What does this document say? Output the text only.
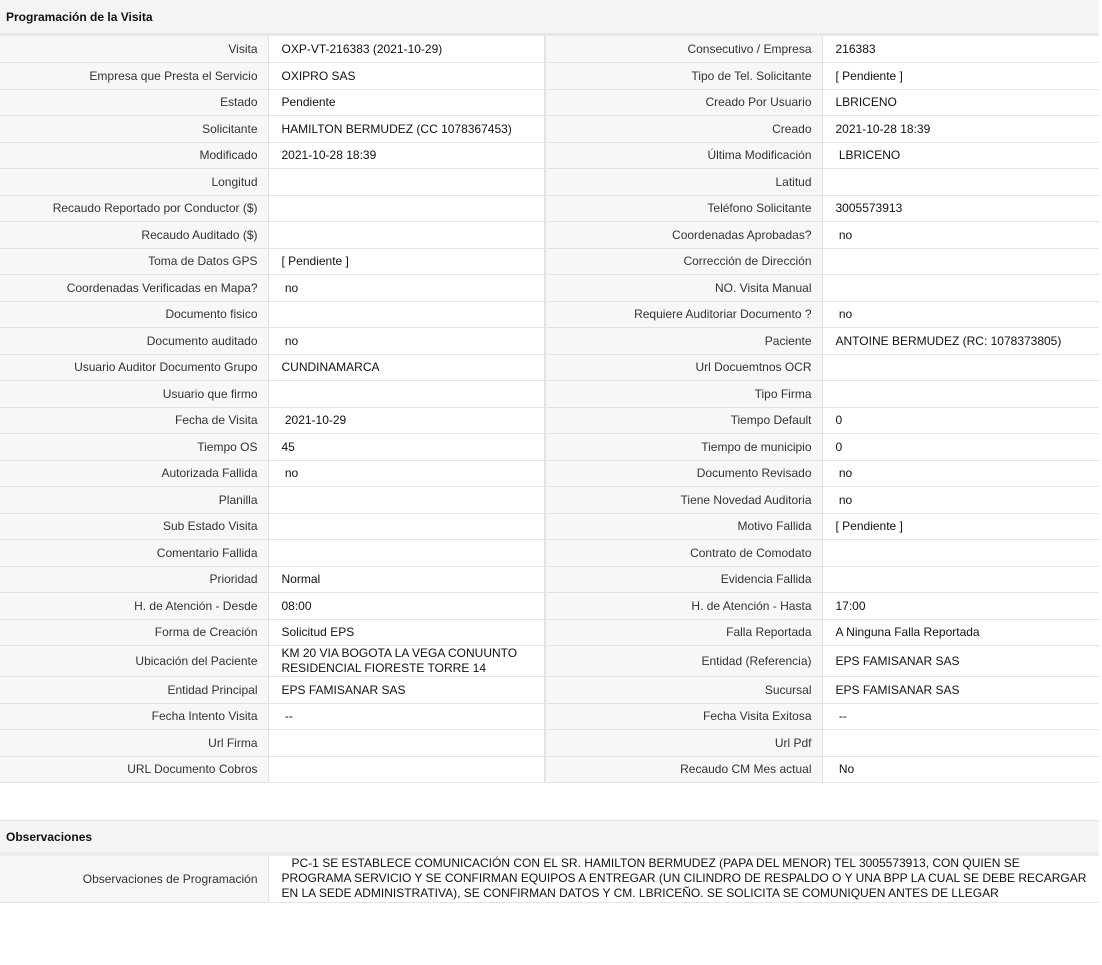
Programación de la Visita
Visita	OXP-VT-216383 (2021-10-29)	Consecutivo / Empresa	216383
Empresa que Presta el Servicio	OXIPRO SAS	Tipo de Tel. Solicitante	[ Pendiente ]
Estado	Pendiente	Creado Por Usuario	LBRICENO
Solicitante	HAMILTON BERMUDEZ (CC 1078367453)	Creado	2021-10-28 18:39
Modificado	2021-10-28 18:39	Última Modificación	LBRICENO
Longitud		Latitud	
Recaudo Reportado por Conductor ($)		Teléfono Solicitante	3005573913
Recaudo Auditado ($)		Coordenadas Aprobadas?	no
Toma de Datos GPS	[ Pendiente ]	Corrección de Dirección	
Coordenadas Verificadas en Mapa?	no	NO. Visita Manual	
Documento fisico		Requiere Auditoriar Documento ?	no
Documento auditado	no	Paciente	ANTOINE BERMUDEZ (RC: 1078373805)
Usuario Auditor Documento Grupo	CUNDINAMARCA	Url Docuemtnos OCR	
Usuario que firmo		Tipo Firma	
Fecha de Visita	2021-10-29	Tiempo Default	0
Tiempo OS	45	Tiempo de municipio	0
Autorizada Fallida	no	Documento Revisado	no
Planilla		Tiene Novedad Auditoria	no
Sub Estado Visita		Motivo Fallida	[ Pendiente ]
Comentario Fallida		Contrato de Comodato	
Prioridad	Normal	Evidencia Fallida	
H. de Atención - Desde	08:00	H. de Atención - Hasta	17:00
Forma de Creación	Solicitud EPS	Falla Reportada	A Ninguna Falla Reportada
Ubicación del Paciente	KM 20 VIA BOGOTA LA VEGA CONUUNTO RESIDENCIAL FIORESTE TORRE 14	Entidad (Referencia)	EPS FAMISANAR SAS
Entidad Principal	EPS FAMISANAR SAS	Sucursal	EPS FAMISANAR SAS
Fecha Intento Visita	--	Fecha Visita Exitosa	--
Url Firma		Url Pdf	
URL Documento Cobros		Recaudo CM Mes actual	No
Observaciones
Observaciones de Programación	PC-1 SE ESTABLECE COMUNICACIÓN CON EL SR. HAMILTON BERMUDEZ (PAPA DEL MENOR) TEL 3005573913, CON QUIEN SE PROGRAMA SERVICIO Y SE CONFIRMAN EQUIPOS A ENTREGAR (UN CILINDRO DE RESPALDO O Y UNA BPP LA CUAL SE DEBE RECARGAR EN LA SEDE ADMINISTRATIVA), SE CONFIRMAN DATOS Y CM. LBRICEÑO. SE SOLICITA SE COMUNIQUEN ANTES DE LLEGAR
